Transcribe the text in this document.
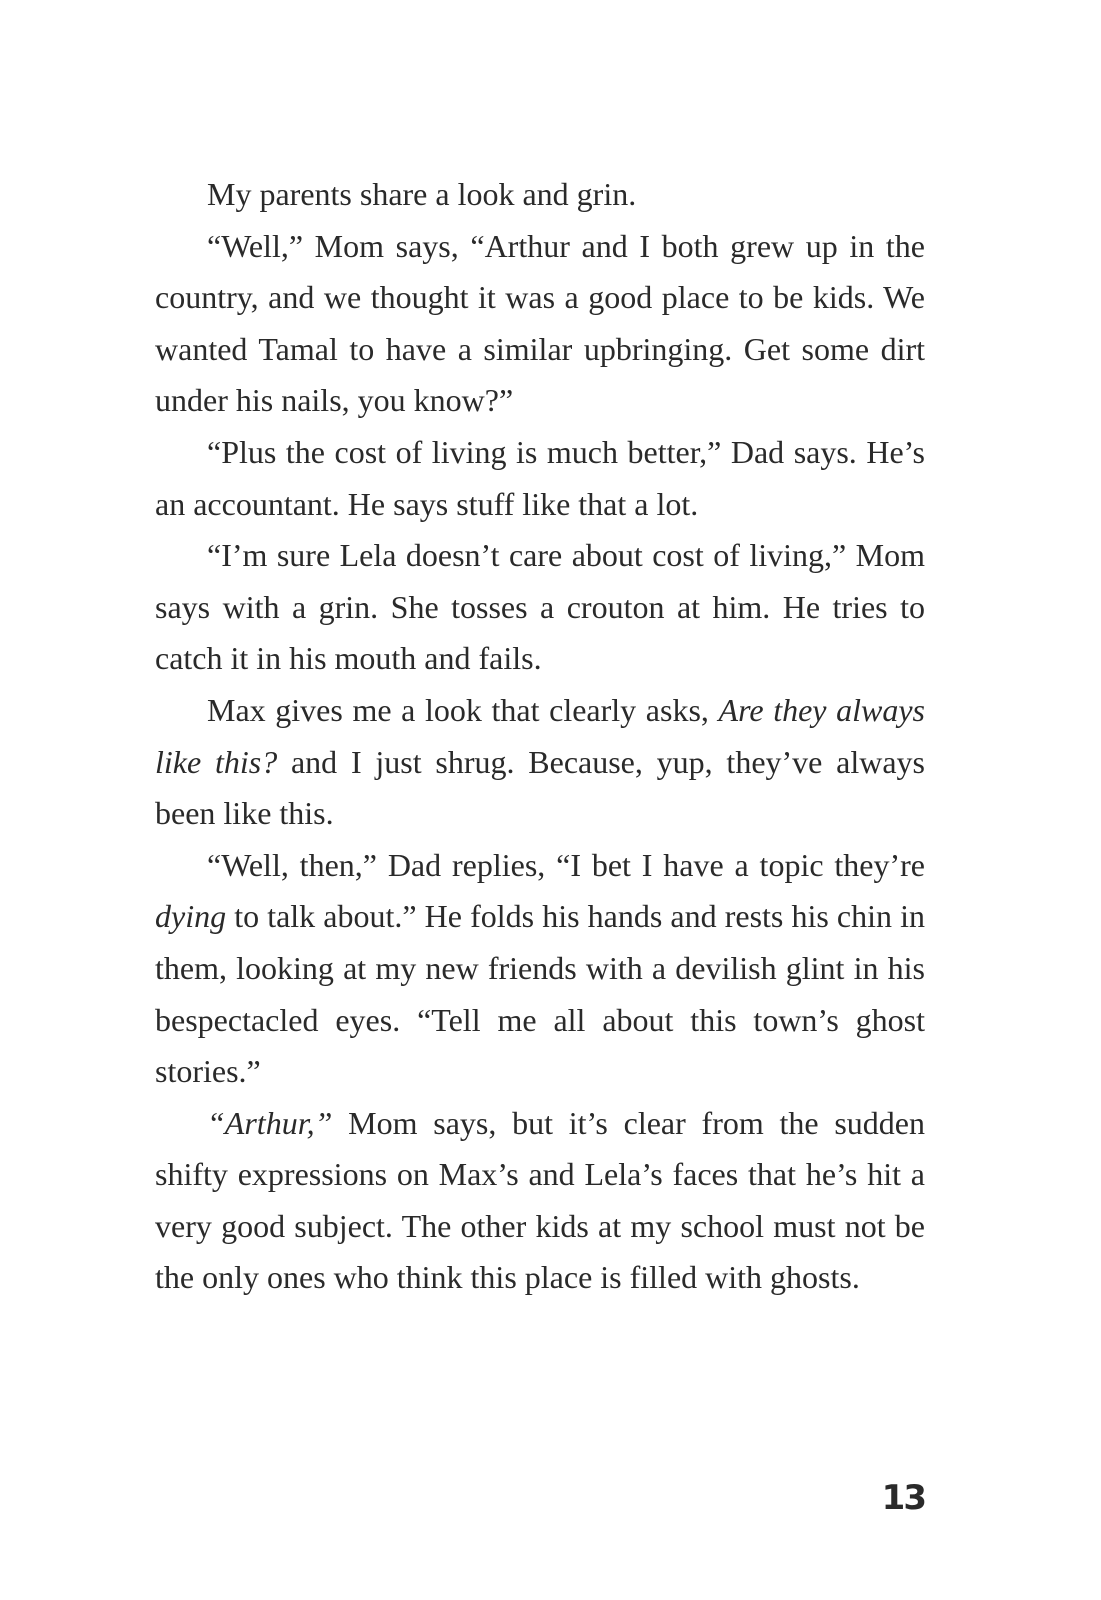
My parents share a look and grin.

“Well,” Mom says, “Arthur and I both grew up in the country, and we thought it was a good place to be kids. We wanted Tamal to have a similar upbringing. Get some dirt under his nails, you know?”

“Plus the cost of living is much better,” Dad says. He’s an accountant. He says stuff like that a lot.

“I’m sure Lela doesn’t care about cost of living,” Mom says with a grin. She tosses a crouton at him. He tries to catch it in his mouth and fails.

Max gives me a look that clearly asks, Are they always like this? and I just shrug. Because, yup, they’ve always been like this.

“Well, then,” Dad replies, “I bet I have a topic they’re dying to talk about.” He folds his hands and rests his chin in them, looking at my new friends with a devilish glint in his bespectacled eyes. “Tell me all about this town’s ghost stories.”

“Arthur,” Mom says, but it’s clear from the sudden shifty expressions on Max’s and Lela’s faces that he’s hit a very good subject. The other kids at my school must not be the only ones who think this place is filled with ghosts.

13
